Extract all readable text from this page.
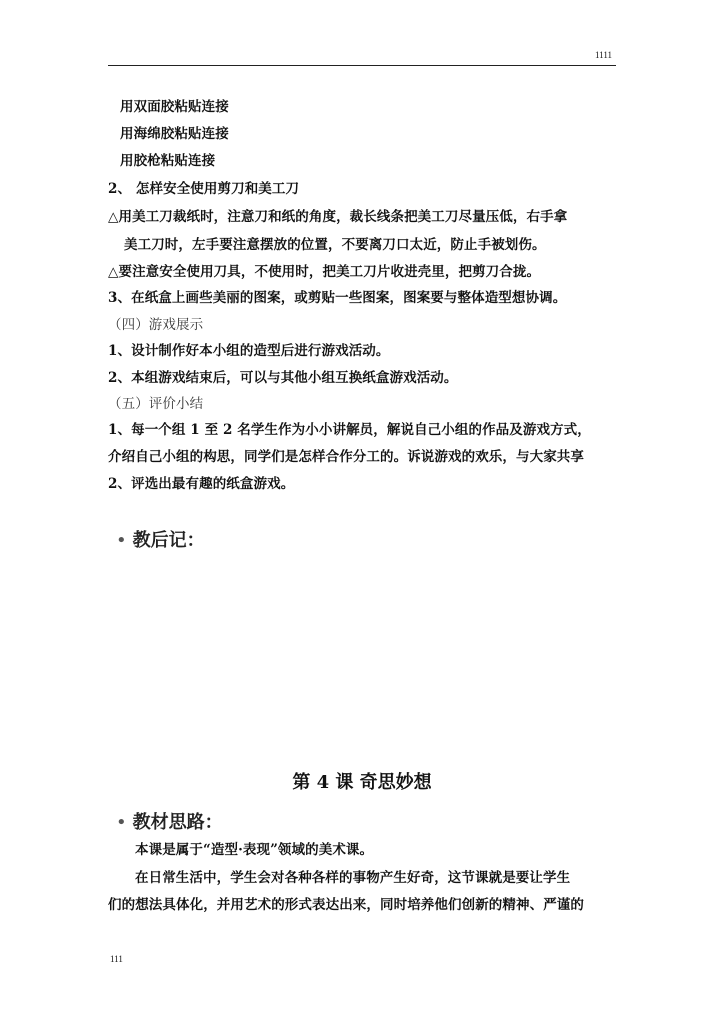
1111
用双面胶粘贴连接
用海绵胶粘贴连接
用胶枪粘贴连接
2、 怎样安全使用剪刀和美工刀
△用美工刀裁纸时，注意刀和纸的角度，裁长线条把美工刀尽量压低，右手拿
美工刀时，左手要注意摆放的位置，不要离刀口太近，防止手被划伤。
△要注意安全使用刀具，不使用时，把美工刀片收进壳里，把剪刀合拢。
3、在纸盒上画些美丽的图案，或剪贴一些图案，图案要与整体造型想协调。
（四）游戏展示
1、设计制作好本小组的造型后进行游戏活动。
2、本组游戏结束后，可以与其他小组互换纸盒游戏活动。
（五）评价小结
1、每一个组 1 至 2 名学生作为小小讲解员，解说自己小组的作品及游戏方式，
介绍自己小组的构思，同学们是怎样合作分工的。诉说游戏的欢乐，与大家共享
2、评选出最有趣的纸盒游戏。
• 教后记：
第 4 课 奇思妙想
• 教材思路：
本课是属于“造型·表现”领域的美术课。
在日常生活中，学生会对各种各样的事物产生好奇，这节课就是要让学生
们的想法具体化，并用艺术的形式表达出来，同时培养他们创新的精神、严谨的
111
